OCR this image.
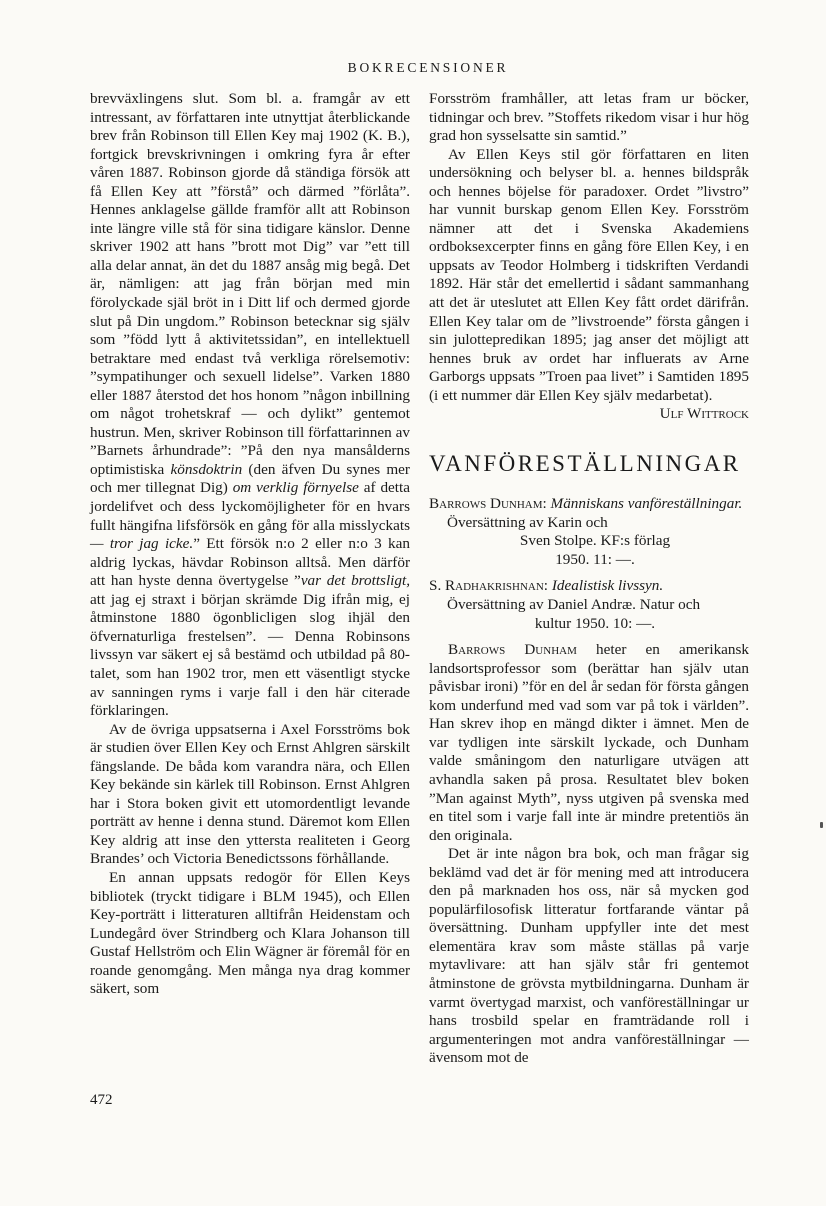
BOKRECENSIONER

brevväxlingens slut. Som bl. a. framgår av ett intressant, av författaren inte utnyttjat återblickande brev från Robinson till Ellen Key maj 1902 (K. B.), fortgick brevskrivningen i omkring fyra år efter våren 1887. Robinson gjorde då ständiga försök att få Ellen Key att ”förstå” och därmed ”förlåta”. Hennes anklagelse gällde framför allt att Robinson inte längre ville stå för sina tidigare känslor. Denne skriver 1902 att hans ”brott mot Dig” var ”ett till alla delar annat, än det du 1887 ansåg mig begå. Det är, nämligen: att jag från början med min förolyckade själ bröt in i Ditt lif och dermed gjorde slut på Din ungdom.” Robinson betecknar sig själv som ”född lytt å aktivitetssidan”, en intellektuell betraktare med endast två verkliga rörelsemotiv: ”sympatihunger och sexuell lidelse”. Varken 1880 eller 1887 återstod det hos honom ”någon inbillning om något trohetskraf — och dylikt” gentemot hustrun. Men, skriver Robinson till författarinnen av ”Barnets århundrade”: ”På den nya mansålderns optimistiska könsdoktrin (den äfven Du synes mer och mer tillegnat Dig) om verklig förnyelse af detta jordelifvet och dess lyckomöjligheter för en hvars fullt hängifna lifsförsök en gång för alla misslyckats — tror jag icke.” Ett försök n:o 2 eller n:o 3 kan aldrig lyckas, hävdar Robinson alltså. Men därför att han hyste denna övertygelse ”var det brottsligt, att jag ej straxt i början skrämde Dig ifrån mig, ej åtminstone 1880 ögonblicligen slog ihjäl den öfvernaturliga frestelsen”. — Denna Robinsons livssyn var säkert ej så bestämd och utbildad på 80-talet, som han 1902 tror, men ett väsentligt stycke av sanningen ryms i varje fall i den här citerade förklaringen.

Av de övriga uppsatserna i Axel Forsströms bok är studien över Ellen Key och Ernst Ahlgren särskilt fängslande. De båda kom varandra nära, och Ellen Key bekände sin kärlek till Robinson. Ernst Ahlgren har i Stora boken givit ett utomordentligt levande porträtt av henne i denna stund. Däremot kom Ellen Key aldrig att inse den yttersta realiteten i Georg Brandes’ och Victoria Benedictssons förhållande.

En annan uppsats redogör för Ellen Keys bibliotek (tryckt tidigare i BLM 1945), och Ellen Key-porträtt i litteraturen alltifrån Heidenstam och Lundegård över Strindberg och Klara Johanson till Gustaf Hellström och Elin Wägner är föremål för en roande genomgång. Men många nya drag kommer säkert, som

Forsström framhåller, att letas fram ur böcker, tidningar och brev. ”Stoffets rikedom visar i hur hög grad hon sysselsatte sin samtid.”

Av Ellen Keys stil gör författaren en liten undersökning och belyser bl. a. hennes bildspråk och hennes böjelse för paradoxer. Ordet ”livstro” har vunnit burskap genom Ellen Key. Forsström nämner att det i Svenska Akademiens ordboksexcerpter finns en gång före Ellen Key, i en uppsats av Teodor Holmberg i tidskriften Verdandi 1892. Här står det emellertid i sådant sammanhang att det är uteslutet att Ellen Key fått ordet därifrån. Ellen Key talar om de ”livstroende” första gången i sin julottepredikan 1895; jag anser det möjligt att hennes bruk av ordet har influerats av Arne Garborgs uppsats ”Troen paa livet” i Samtiden 1895 (i ett nummer där Ellen Key själv medarbetat).
Ulf Wittrock

VANFÖRESTÄLLNINGAR

Barrows Dunham: Människans vanföreställningar. Översättning av Karin och
Sven Stolpe. KF:s förlag
1950. 11: —.

S. Radhakrishnan: Idealistisk livssyn. Översättning av Daniel Andræ. Natur och
kultur 1950. 10: —.

Barrows Dunham heter en amerikansk landsortsprofessor som (berättar han själv utan påvisbar ironi) ”för en del år sedan för första gången kom underfund med vad som var på tok i världen”. Han skrev ihop en mängd dikter i ämnet. Men de var tydligen inte särskilt lyckade, och Dunham valde småningom den naturligare utvägen att avhandla saken på prosa. Resultatet blev boken ”Man against Myth”, nyss utgiven på svenska med en titel som i varje fall inte är mindre pretentiös än den originala.

Det är inte någon bra bok, och man frågar sig beklämd vad det är för mening med att introducera den på marknaden hos oss, när så mycken god populärfilosofisk litteratur fortfarande väntar på översättning. Dunham uppfyller inte det mest elementära krav som måste ställas på varje mytavlivare: att han själv står fri gentemot åtminstone de grövsta mytbildningarna. Dunham är varmt övertygad marxist, och vanföreställningar ur hans trosbild spelar en framträdande roll i argumenteringen mot andra vanföreställningar — ävensom mot de

472
